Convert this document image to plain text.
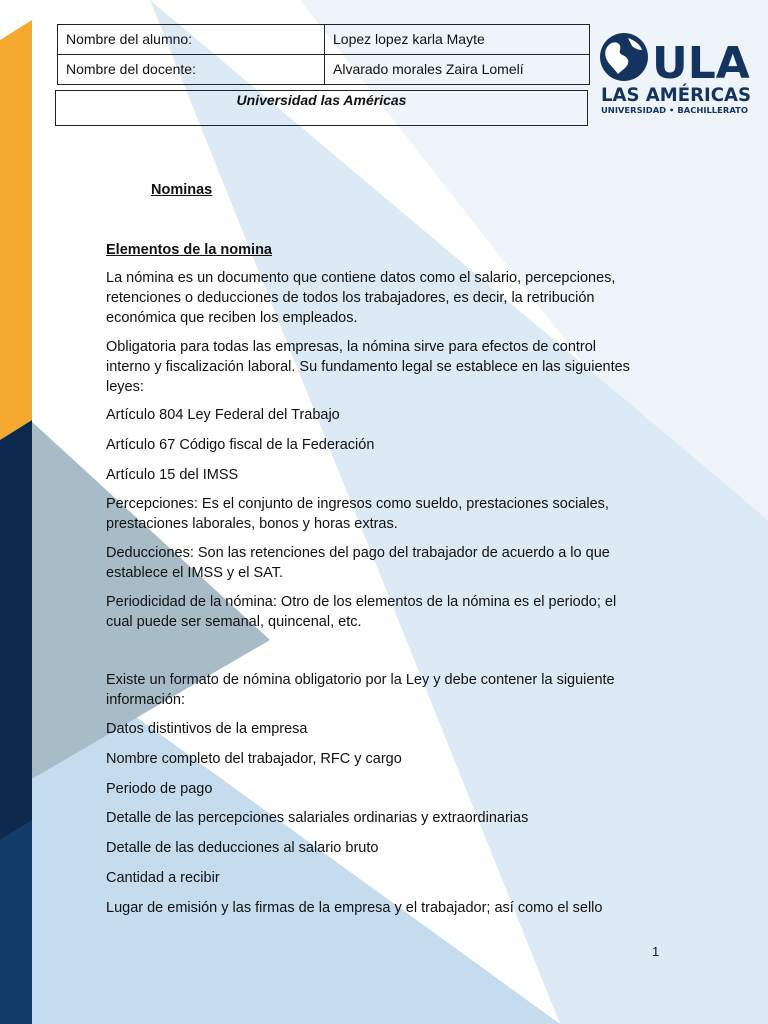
Nombre del alumno:	Lopez lopez karla Mayte
Nombre del docente:	Alvarado morales Zaira Lomelí
Universidad las Américas
ULA
LAS AMÉRICAS
UNIVERSIDAD • BACHILLERATO
Nominas
Elementos de la nomina
La nómina es un documento que contiene datos como el salario, percepciones,
retenciones o deducciones de todos los trabajadores, es decir, la retribución
económica que reciben los empleados.
Obligatoria para todas las empresas, la nómina sirve para efectos de control
interno y fiscalización laboral. Su fundamento legal se establece en las siguientes
leyes:
Artículo 804 Ley Federal del Trabajo
Artículo 67 Código fiscal de la Federación
Artículo 15 del IMSS
Percepciones: Es el conjunto de ingresos como sueldo, prestaciones sociales,
prestaciones laborales, bonos y horas extras.
Deducciones: Son las retenciones del pago del trabajador de acuerdo a lo que
establece el IMSS y el SAT.
Periodicidad de la nómina: Otro de los elementos de la nómina es el periodo; el
cual puede ser semanal, quincenal, etc.
Existe un formato de nómina obligatorio por la Ley y debe contener la siguiente
información:
Datos distintivos de la empresa
Nombre completo del trabajador, RFC y cargo
Periodo de pago
Detalle de las percepciones salariales ordinarias y extraordinarias
Detalle de las deducciones al salario bruto
Cantidad a recibir
Lugar de emisión y las firmas de la empresa y el trabajador; así como el sello
1
